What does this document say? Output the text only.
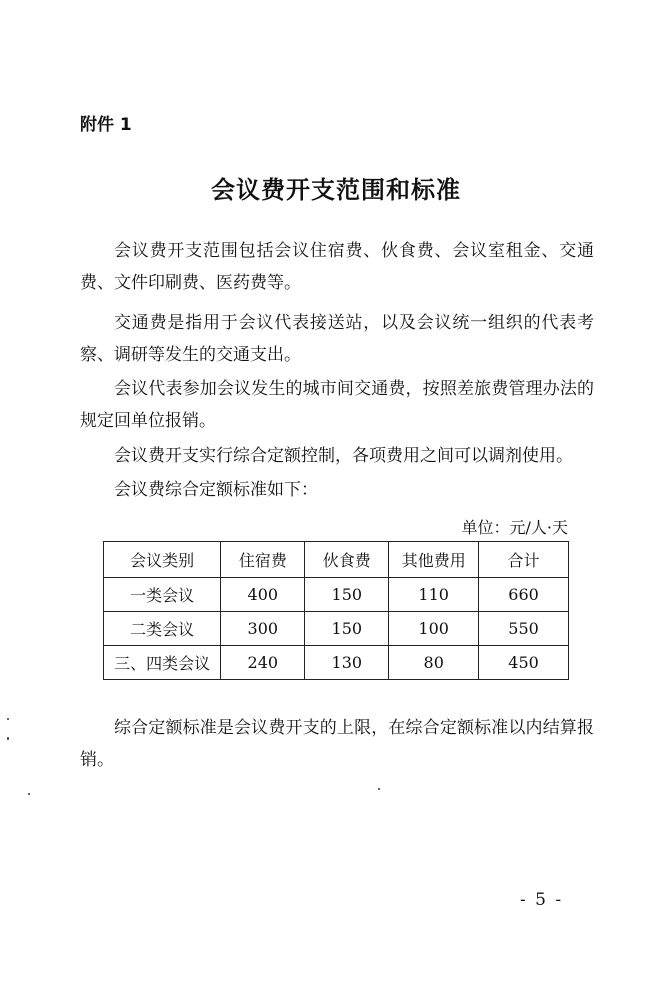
附件 1
会议费开支范围和标准
会议费开支范围包括会议住宿费、伙食费、会议室租金、交通费、文件印刷费、医药费等。
交通费是指用于会议代表接送站，以及会议统一组织的代表考察、调研等发生的交通支出。
会议代表参加会议发生的城市间交通费，按照差旅费管理办法的规定回单位报销。
会议费开支实行综合定额控制，各项费用之间可以调剂使用。
会议费综合定额标准如下：
单位：元/人·天
会议类别	住宿费	伙食费	其他费用	合计
一类会议	400	150	110	660
二类会议	300	150	100	550
三、四类会议	240	130	80	450
综合定额标准是会议费开支的上限，在综合定额标准以内结算报销。
- 5 -
